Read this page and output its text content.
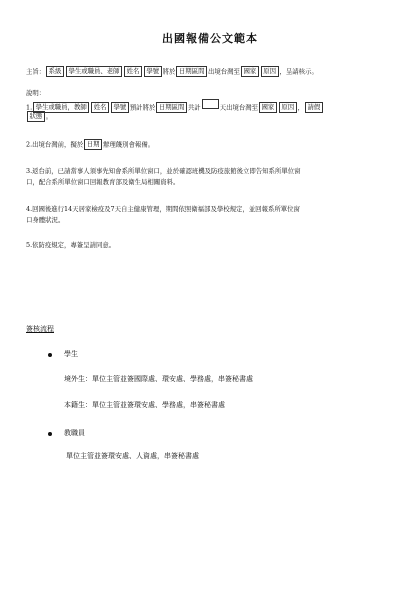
出國報備公文範本
主旨： 系級 學生或職員、老師 姓名 學號 將於 日期區間 出境台灣至 國家 原因 ，呈請核示。
說明：
1. 學生或職員，教師 姓名 學號 預計將於 日期區間 共計	天出境台灣至 國家 原因 ， 請假
狀態 。
2.出境台灣前，擬於 日期 辦理餞別會報備。
3.返台前，已請當事人須事先知會系所單位窗口，並於確認班機及防疫旅館後立即告知系所單位窗
口，配合系所單位窗口回報教育部及衛生局相關資料。
4.回國後進行14天居家檢疫及7天自主健康管理，期間依照衛福部及學校規定，並回報系所單位窗
口身體狀況。
5.依防疫規定，專簽呈請同意。
簽核流程
學生
境外生：單位主管並簽國際處、環安處、學務處，串簽秘書處
本籍生：單位主管並簽環安處、學務處，串簽秘書處
教職員
單位主管並簽環安處、人資處，串簽秘書處
